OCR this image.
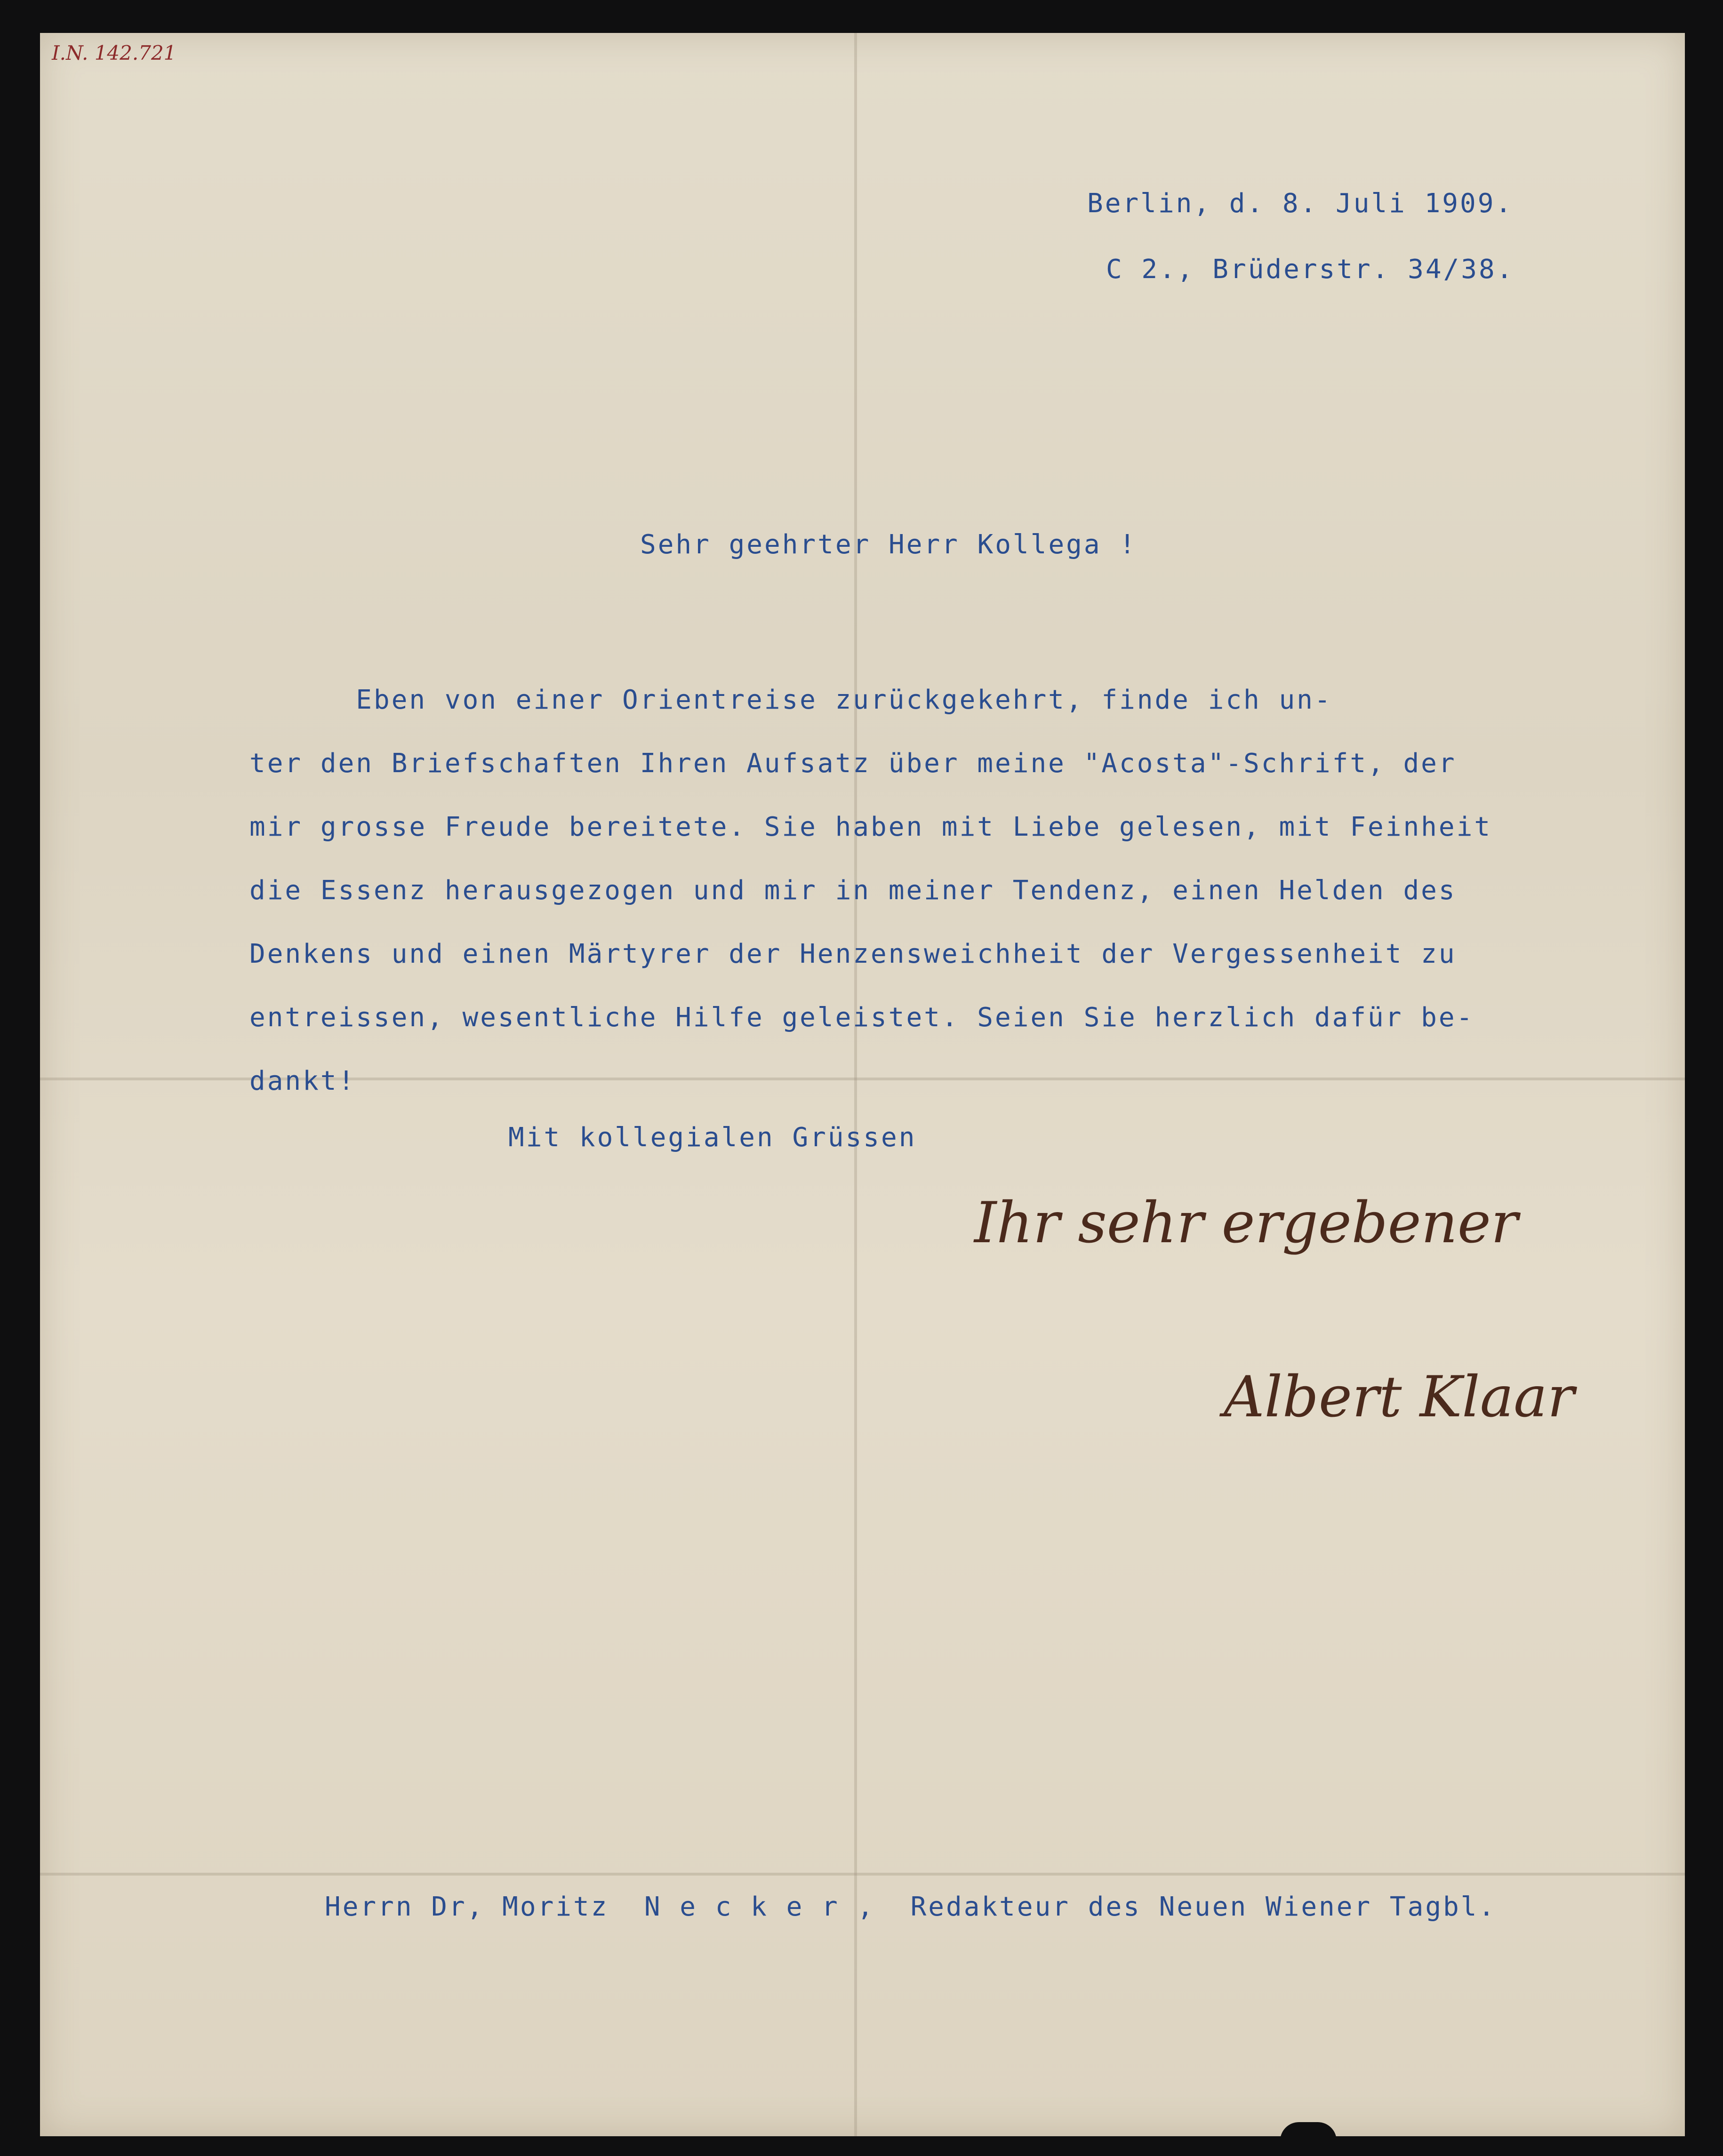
I.N. 142.721
Berlin, d. 8. Juli 1909.
C 2., Brüderstr. 34/38.
Sehr geehrter Herr Kollega !
Eben von einer Orientreise zurückgekehrt, finde ich un-
ter den Briefschaften Ihren Aufsatz über meine "Acosta"-Schrift, der
mir grosse Freude bereitete. Sie haben mit Liebe gelesen, mit Feinheit
die Essenz herausgezogen und mir in meiner Tendenz, einen Helden des
Denkens und einen Märtyrer der Henzensweichheit der Vergessenheit zu
entreissen, wesentliche Hilfe geleistet. Seien Sie herzlich dafür be-
dankt!
Mit kollegialen Grüssen
Ihr sehr ergebener
Albert Klaar
Herrn Dr, Moritz  N e c k e r ,  Redakteur des Neuen Wiener Tagbl.
